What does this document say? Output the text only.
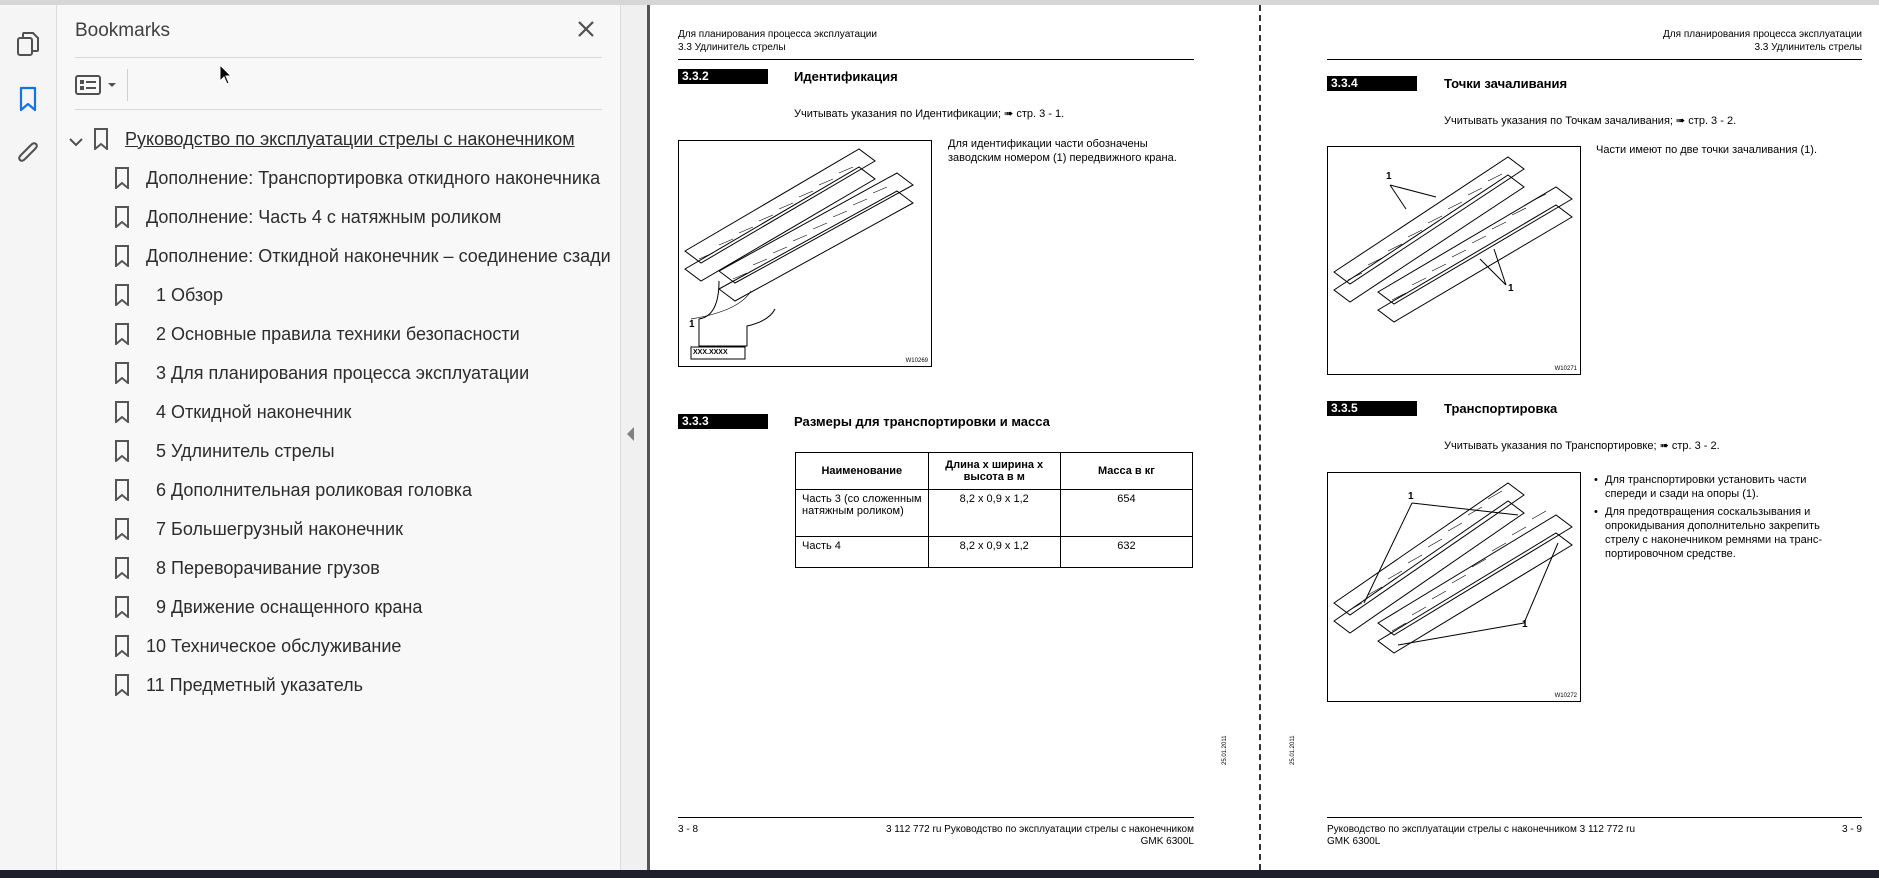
Bookmarks
Руководство по эксплуатации стрелы с наконечником
Дополнение: Транспортировка откидного наконечника
Дополнение: Часть 4 с натяжным роликом
Дополнение: Откидной наконечник – соединение сзади
1 Обзор
2 Основные правила техники безопасности
3 Для планирования процесса эксплуатации
4 Откидной наконечник
5 Удлинитель стрелы
6 Дополнительная роликовая головка
7 Большегрузный наконечник
8 Переворачивание грузов
9 Движение оснащенного крана
10 Техническое обслуживание
11 Предметный указатель
Для планирования процесса эксплуатации
3.3 Удлинитель стрелы
3.3.2	Идентификация
Учитывать указания по Идентификации; ➠ стр. 3 - 1.
1
XXX.XXXX
W10269
Для идентификации части обозначены заводским номером (1) передвижного крана.
3.3.3	Размеры для транспортировки и масса
Наименование	Длина x ширина x высота в м	Масса в кг
Часть 3 (со сложенным натяжным роликом)	8,2 x 0,9 x 1,2	654
Часть 4	8,2 x 0,9 x 1,2	632
25.01.2011
3 - 8	3 112 772 ru Руководство по эксплуатации стрелы с наконечником
GMK 6300L
Для планирования процесса эксплуатации
3.3 Удлинитель стрелы
3.3.4	Точки зачаливания
Учитывать указания по Точкам зачаливания; ➠ стр. 3 - 2.
1
1
W10271
Части имеют по две точки зачаливания (1).
3.3.5	Транспортировка
Учитывать указания по Транспортировке; ➠ стр. 3 - 2.
1
1
W10272
• Для транспортировки установить части спереди и сзади на опоры (1).
• Для предотвращения соскальзывания и опрокидывания дополнительно закрепить стрелу с наконечником ремнями на транс-портировочном средстве.
25.01.2011
Руководство по эксплуатации стрелы с наконечником 3 112 772 ru
GMK 6300L
3 - 9
